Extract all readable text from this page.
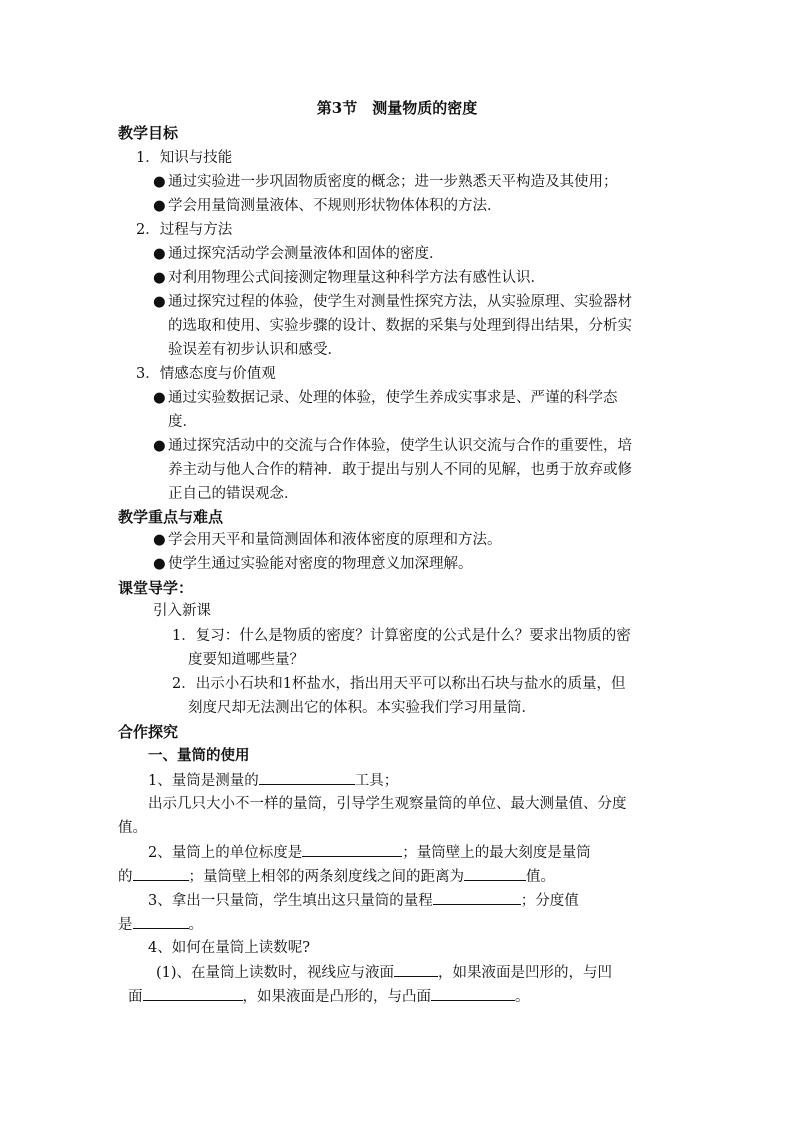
第3节　测量物质的密度
教学目标
1．知识与技能
● 通过实验进一步巩固物质密度的概念；进一步熟悉天平构造及其使用；
● 学会用量筒测量液体、不规则形状物体体积的方法．
2．过程与方法
● 通过探究活动学会测量液体和固体的密度．
● 对利用物理公式间接测定物理量这种科学方法有感性认识．
● 通过探究过程的体验，使学生对测量性探究方法，从实验原理、实验器材
的选取和使用、实验步骤的设计、数据的采集与处理到得出结果，分析实
验误差有初步认识和感受．
3．情感态度与价值观
● 通过实验数据记录、处理的体验，使学生养成实事求是、严谨的科学态
度．
● 通过探究活动中的交流与合作体验，使学生认识交流与合作的重要性，培
养主动与他人合作的精神．敢于提出与别人不同的见解，也勇于放弃或修
正自己的错误观念．
教学重点与难点
● 学会用天平和量筒测固体和液体密度的原理和方法。
● 使学生通过实验能对密度的物理意义加深理解。
课堂导学：
引入新课
1．复习：什么是物质的密度？计算密度的公式是什么？要求出物质的密
度要知道哪些量？
2．出示小石块和1杯盐水，指出用天平可以称出石块与盐水的质量，但
刻度尺却无法测出它的体积。本实验我们学习用量筒．
合作探究
一、量筒的使用
1、量筒是测量的	工具；
出示几只大小不一样的量筒，引导学生观察量筒的单位、最大测量值、分度
值。
2、量筒上的单位标度是	；量筒壁上的最大刻度是量筒
的	；量筒壁上相邻的两条刻度线之间的距离为	值。
3、拿出一只量筒，学生填出这只量筒的量程	；分度值
是	。
4、如何在量筒上读数呢?
(1)、在量筒上读数时，视线应与液面	，如果液面是凹形的，与凹
面	，如果液面是凸形的，与凸面	。
